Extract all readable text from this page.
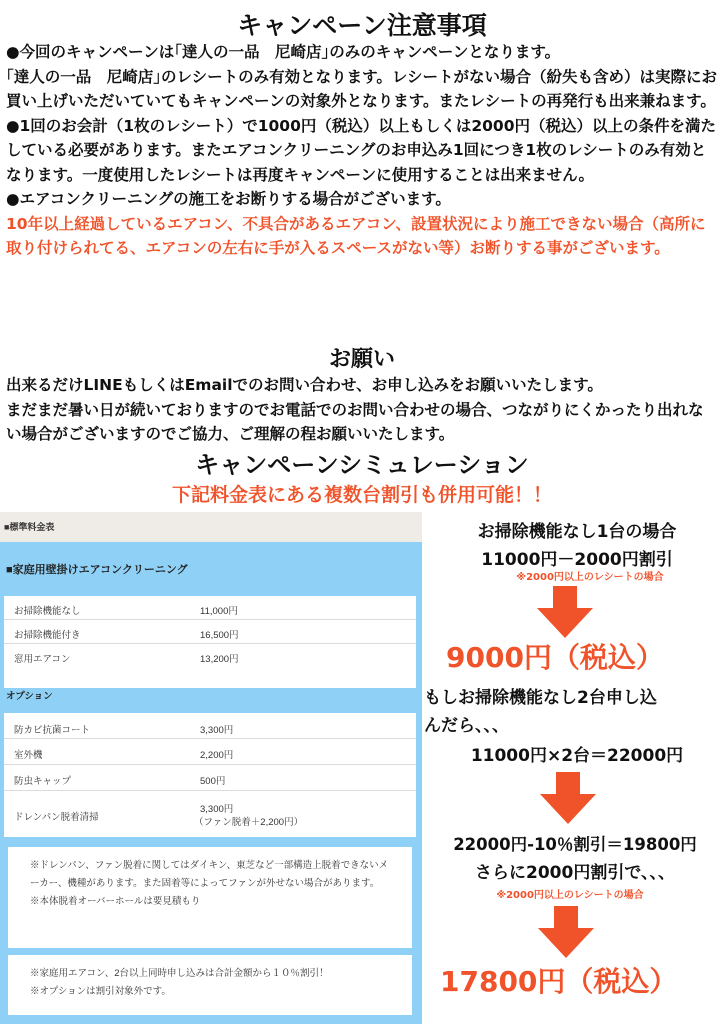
キャンペーン注意事項

●今回のキャンペーンは｢達人の一品　尼崎店｣のみのキャンペーンとなります。

｢達人の一品　尼崎店｣のレシートのみ有効となります。レシートがない場合（紛失も含め）は実際にお買い上げいただいていてもキャンペーンの対象外となります。またレシートの再発行も出来兼ねます。

●1回のお会計（1枚のレシート）で1000円（税込）以上もしくは2000円（税込）以上の条件を満たしている必要があります。またエアコンクリーニングのお申込み1回につき1枚のレシートのみ有効となります。一度使用したレシートは再度キャンペーンに使用することは出来ません。

●エアコンクリーニングの施工をお断りする場合がございます。

10年以上経過しているエアコン、不具合があるエアコン、設置状況により施工できない場合（高所に取り付けられてる、エアコンの左右に手が入るスペースがない等）お断りする事がございます。

お願い

出来るだけLINEもしくはEmailでのお問い合わせ、お申し込みをお願いいたします。

まだまだ暑い日が続いておりますのでお電話でのお問い合わせの場合、つながりにくかったり出れない場合がございますのでご協力、ご理解の程お願いいたします。

キャンペーンシミュレーション
下記料金表にある複数台割引も併用可能！！
■標準料金表
■家庭用壁掛けエアコンクリーニング
お掃除機能なし	11,000円
お掃除機能付き	16,500円
窓用エアコン	13,200円
オプション
防カビ抗菌コート	3,300円
室外機	2,200円
防虫キャップ	500円
ドレンパン脱着清掃
3,300円
（ファン脱着＋2,200円）
※ドレンパン、ファン脱着に関してはダイキン、東芝など一部構造上脱着できないメーカー、機種があります。また固着等によってファンが外せない場合があります。
※本体脱着オーバーホールは要見積もり
※家庭用エアコン、2台以上同時申し込みは合計金額から１０％割引！
※オプションは割引対象外です。
お掃除機能なし1台の場合
11000円－2000円割引
※2000円以上のレシートの場合
9000円（税込）
もしお掃除機能なし2台申し込
んだら、、、
11000円×2台＝22000円
22000円-10％割引＝19800円
さらに2000円割引で、、、
※2000円以上のレシートの場合
17800円（税込）
